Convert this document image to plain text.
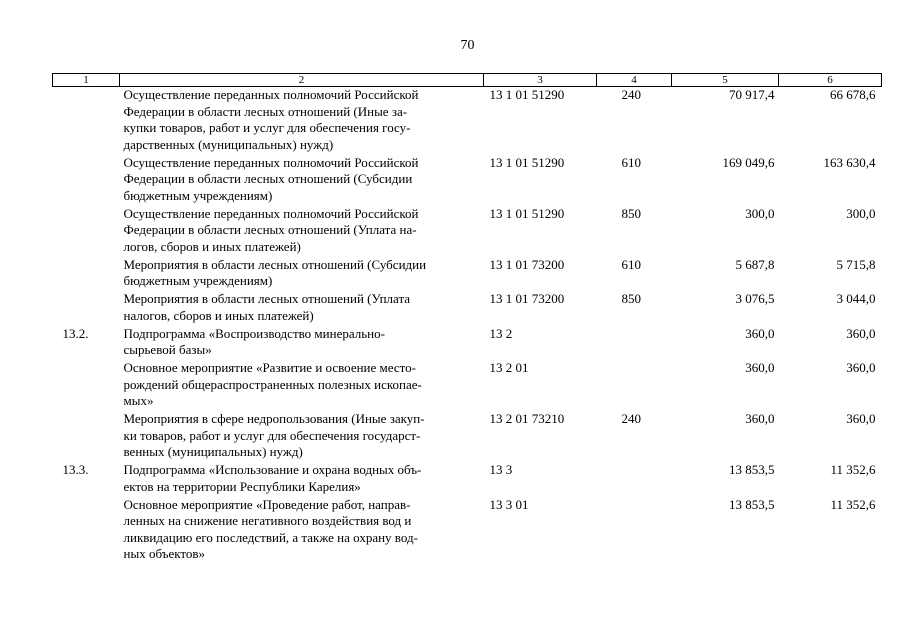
70
1	2	3	4	5	6

	Осуществление переданных полномочий Российской
Федерации в области лесных отношений (Иные за-
купки товаров, работ и услуг для обеспечения госу-
дарственных (муниципальных) нужд)	13 1 01 51290	240	70 917,4	66 678,6

	Осуществление переданных полномочий Российской
Федерации в области лесных отношений (Субсидии
бюджетным учреждениям)	13 1 01 51290	610	169 049,6	163 630,4

	Осуществление переданных полномочий Российской
Федерации в области лесных отношений (Уплата на-
логов, сборов и иных платежей)	13 1 01 51290	850	300,0	300,0

	Мероприятия в области лесных отношений (Субсидии
бюджетным учреждениям)	13 1 01 73200	610	5 687,8	5 715,8

	Мероприятия в области лесных отношений (Уплата
налогов, сборов и иных платежей)	13 1 01 73200	850	3 076,5	3 044,0
13.2.	Подпрограмма «Воспроизводство минерально-
сырьевой базы»	13 2		360,0	360,0

	Основное мероприятие «Развитие и освоение место-
рождений общераспространенных полезных ископае-
мых»	13 2 01		360,0	360,0

	Мероприятия в сфере недропользования (Иные закуп-
ки товаров, работ и услуг для обеспечения государст-
венных (муниципальных) нужд)	13 2 01 73210	240	360,0	360,0
13.3.	Подпрограмма «Использование и охрана водных объ-
ектов на территории Республики Карелия»	13 3		13 853,5	11 352,6

	Основное мероприятие «Проведение работ, направ-
ленных на снижение негативного воздействия вод и
ликвидацию его последствий, а также на охрану вод-
ных объектов»	13 3 01		13 853,5	11 352,6
